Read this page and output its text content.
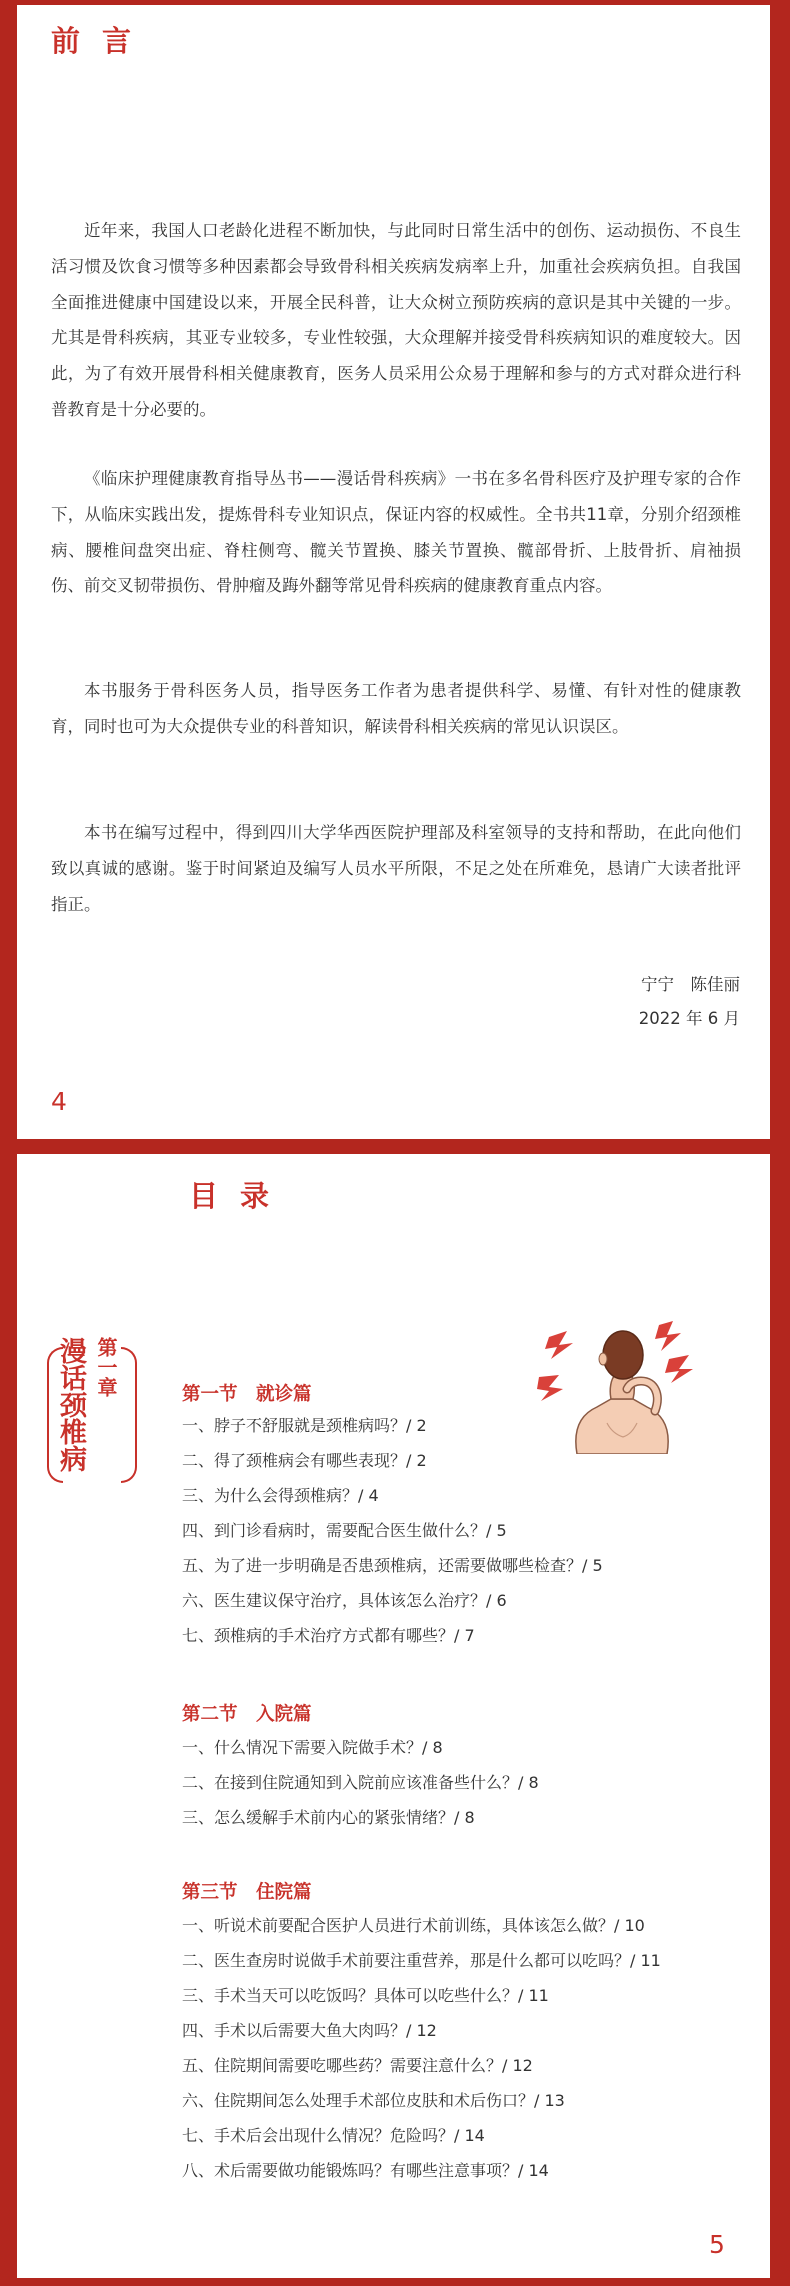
前言

近年来，我国人口老龄化进程不断加快，与此同时日常生活中的创伤、运动损伤、不良生活习惯及饮食习惯等多种因素都会导致骨科相关疾病发病率上升，加重社会疾病负担。自我国全面推进健康中国建设以来，开展全民科普，让大众树立预防疾病的意识是其中关键的一步。尤其是骨科疾病，其亚专业较多，专业性较强，大众理解并接受骨科疾病知识的难度较大。因此，为了有效开展骨科相关健康教育，医务人员采用公众易于理解和参与的方式对群众进行科普教育是十分必要的。

《临床护理健康教育指导丛书——漫话骨科疾病》一书在多名骨科医疗及护理专家的合作下，从临床实践出发，提炼骨科专业知识点，保证内容的权威性。全书共11章，分别介绍颈椎病、腰椎间盘突出症、脊柱侧弯、髋关节置换、膝关节置换、髋部骨折、上肢骨折、肩袖损伤、前交叉韧带损伤、骨肿瘤及踇外翻等常见骨科疾病的健康教育重点内容。

本书服务于骨科医务人员，指导医务工作者为患者提供科学、易懂、有针对性的健康教育，同时也可为大众提供专业的科普知识，解读骨科相关疾病的常见认识误区。

本书在编写过程中，得到四川大学华西医院护理部及科室领导的支持和帮助，在此向他们致以真诚的感谢。鉴于时间紧迫及编写人员水平所限，不足之处在所难免，恳请广大读者批评指正。

宁宁　陈佳丽
2022 年 6 月
4
目录
漫话颈椎病 第一章	第一节　就诊篇
一、脖子不舒服就是颈椎病吗？/ 2
二、得了颈椎病会有哪些表现？/ 2
三、为什么会得颈椎病？/ 4
四、到门诊看病时，需要配合医生做什么？/ 5
五、为了进一步明确是否患颈椎病，还需要做哪些检查？/ 5
六、医生建议保守治疗，具体该怎么治疗？/ 6
七、颈椎病的手术治疗方式都有哪些？/ 7
第二节　入院篇
一、什么情况下需要入院做手术？/ 8
二、在接到住院通知到入院前应该准备些什么？/ 8
三、怎么缓解手术前内心的紧张情绪？/ 8
第三节　住院篇
一、听说术前要配合医护人员进行术前训练，具体该怎么做？/ 10
二、医生查房时说做手术前要注重营养，那是什么都可以吃吗？/ 11
三、手术当天可以吃饭吗？具体可以吃些什么？/ 11
四、手术以后需要大鱼大肉吗？/ 12
五、住院期间需要吃哪些药？需要注意什么？/ 12
六、住院期间怎么处理手术部位皮肤和术后伤口？/ 13
七、手术后会出现什么情况？危险吗？/ 14
八、术后需要做功能锻炼吗？有哪些注意事项？/ 14
5
